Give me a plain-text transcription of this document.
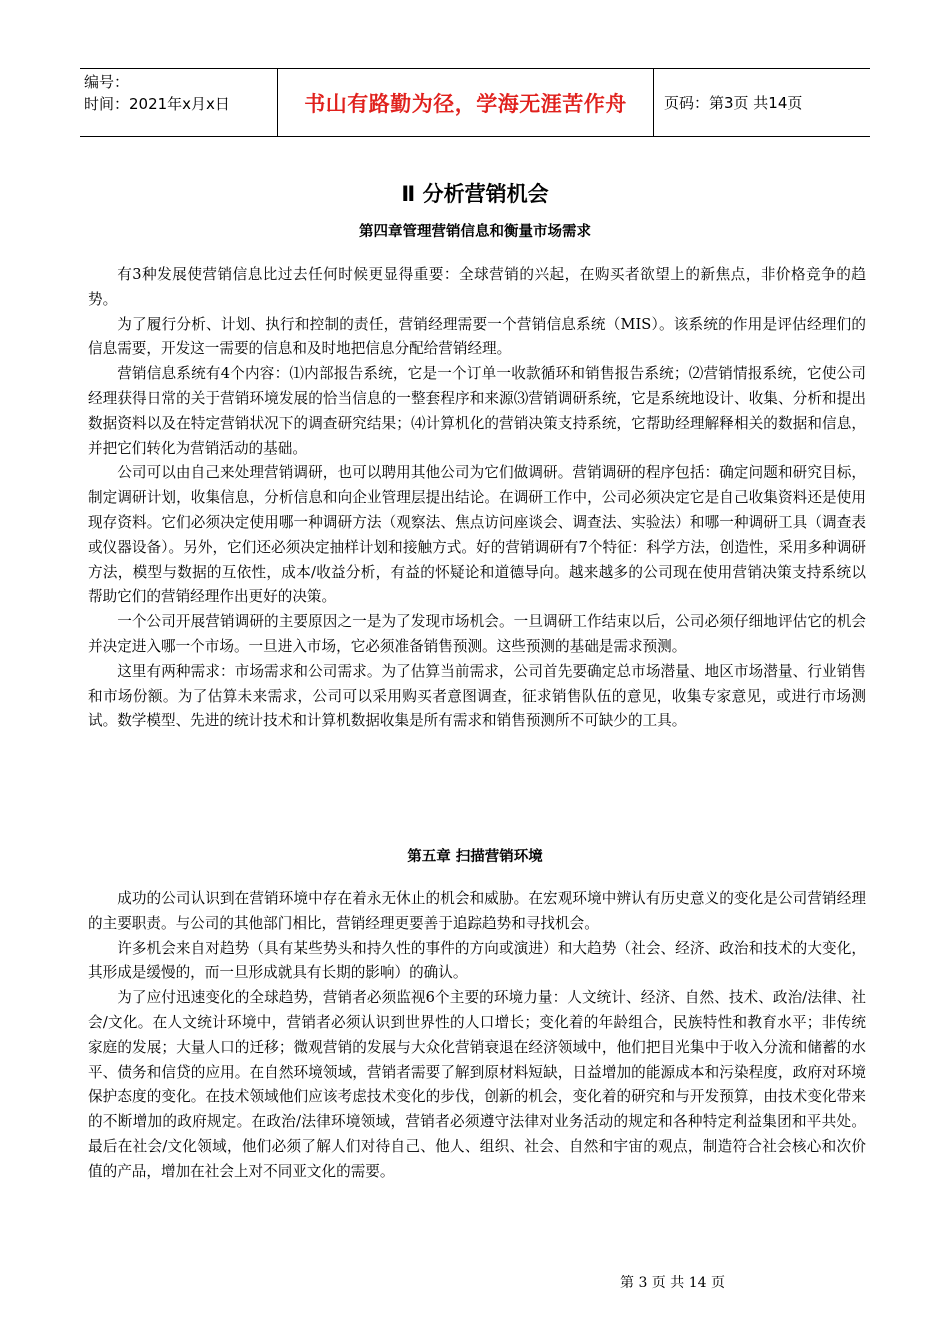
编号：
时间：2021年x月x日	书山有路勤为径，学海无涯苦作舟	页码：第3页 共14页
Ⅱ 分析营销机会
第四章管理营销信息和衡量市场需求

有3种发展使营销信息比过去任何时候更显得重要：全球营销的兴起，在购买者欲望上的新焦点，非价格竞争的趋势。

为了履行分析、计划、执行和控制的责任，营销经理需要一个营销信息系统（MIS）。该系统的作用是评估经理们的信息需要，开发这一需要的信息和及时地把信息分配给营销经理。

营销信息系统有4个内容：⑴内部报告系统，它是一个订单一收款循环和销售报告系统；⑵营销情报系统，它使公司经理获得日常的关于营销环境发展的恰当信息的一整套程序和来源⑶营销调研系统，它是系统地设计、收集、分析和提出数据资料以及在特定营销状况下的调查研究结果；⑷计算机化的营销决策支持系统，它帮助经理解释相关的数据和信息，并把它们转化为营销活动的基础。

公司可以由自己来处理营销调研，也可以聘用其他公司为它们做调研。营销调研的程序包括：确定问题和研究目标，制定调研计划，收集信息，分析信息和向企业管理层提出结论。在调研工作中，公司必须决定它是自己收集资料还是使用现存资料。它们必须决定使用哪一种调研方法（观察法、焦点访问座谈会、调查法、实验法）和哪一种调研工具（调查表或仪器设备）。另外，它们还必须决定抽样计划和接触方式。好的营销调研有7个特征：科学方法，创造性，采用多种调研方法，模型与数据的互依性，成本/收益分析，有益的怀疑论和道德导向。越来越多的公司现在使用营销决策支持系统以帮助它们的营销经理作出更好的决策。

一个公司开展营销调研的主要原因之一是为了发现市场机会。一旦调研工作结束以后，公司必须仔细地评估它的机会并决定进入哪一个市场。一旦进入市场，它必须准备销售预测。这些预测的基础是需求预测。

这里有两种需求：市场需求和公司需求。为了估算当前需求，公司首先要确定总市场潜量、地区市场潜量、行业销售和市场份额。为了估算未来需求，公司可以采用购买者意图调查，征求销售队伍的意见，收集专家意见，或进行市场测试。数学模型、先进的统计技术和计算机数据收集是所有需求和销售预测所不可缺少的工具。

第五章 扫描营销环境

成功的公司认识到在营销环境中存在着永无休止的机会和威胁。在宏观环境中辨认有历史意义的变化是公司营销经理的主要职责。与公司的其他部门相比，营销经理更要善于追踪趋势和寻找机会。

许多机会来自对趋势（具有某些势头和持久性的事件的方向或演进）和大趋势（社会、经济、政治和技术的大变化，其形成是缓慢的，而一旦形成就具有长期的影响）的确认。

为了应付迅速变化的全球趋势，营销者必须监视6个主要的环境力量：人文统计、经济、自然、技术、政治/法律、社会/文化。在人文统计环境中，营销者必须认识到世界性的人口增长；变化着的年龄组合，民族特性和教育水平；非传统家庭的发展；大量人口的迁移；微观营销的发展与大众化营销衰退在经济领域中，他们把目光集中于收入分流和储蓄的水平、债务和信贷的应用。在自然环境领域，营销者需要了解到原材料短缺，日益增加的能源成本和污染程度，政府对环境保护态度的变化。在技术领域他们应该考虑技术变化的步伐，创新的机会，变化着的研究和与开发预算，由技术变化带来的不断增加的政府规定。在政治/法律环境领域，营销者必须遵守法律对业务活动的规定和各种特定利益集团和平共处。最后在社会/文化领域，他们必须了解人们对待自己、他人、组织、社会、自然和宇宙的观点，制造符合社会核心和次价值的产品，增加在社会上对不同亚文化的需要。

第 3 页 共 14 页
